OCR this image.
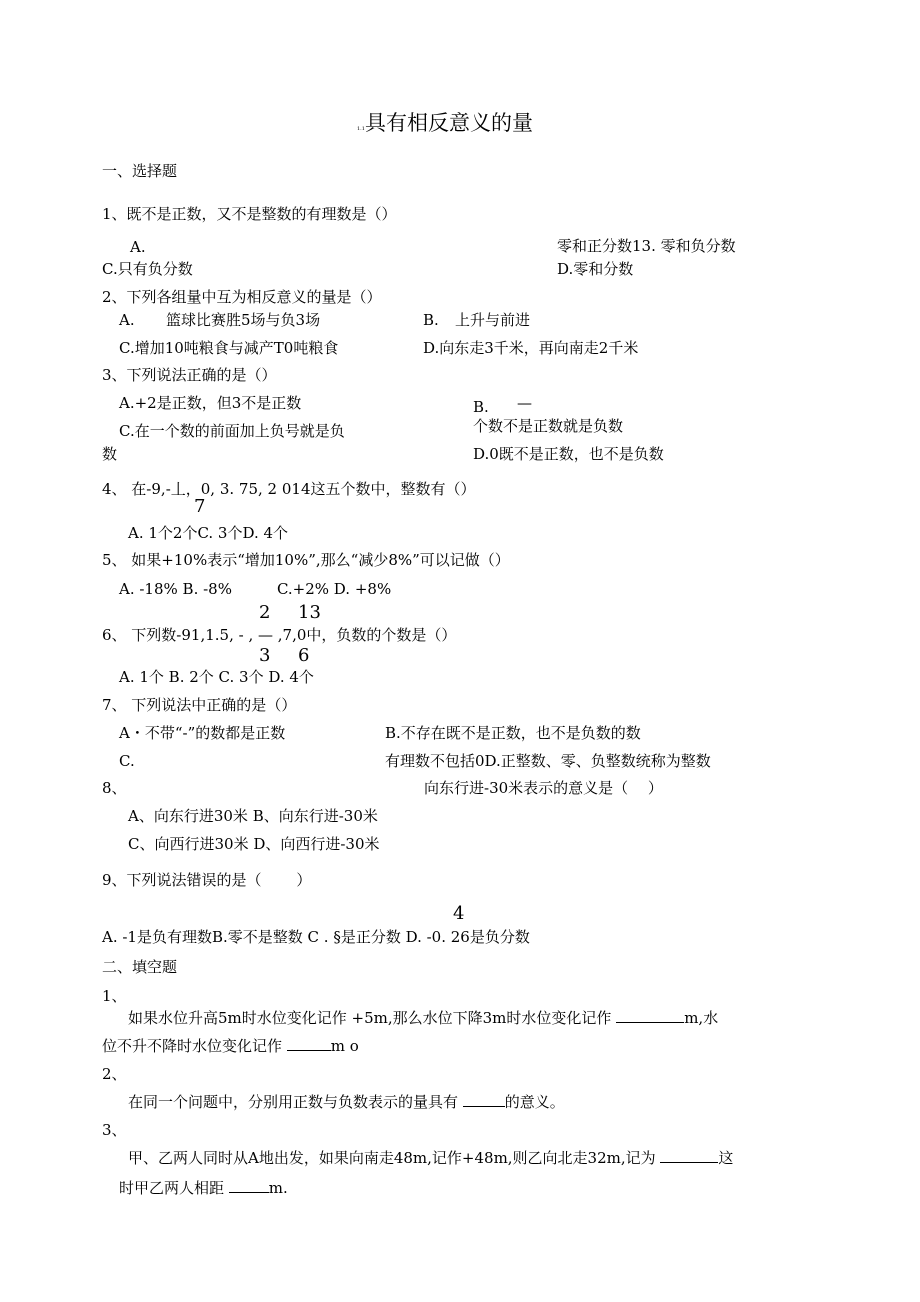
1.1具有相反意义的量
一、选择题
1、既不是正数，又不是整数的有理数是（）
A.	零和正分数13. 零和负分数
C.只有负分数	D.零和分数
2、下列各组量中互为相反意义的量是（）
A. 篮球比赛胜5场与负3场	B. 上升与前进
C.增加10吨粮食与减产T0吨粮食	D.向东走3千米，再向南走2千米
3、下列说法正确的是（）
A.+2是正数，但3不是正数	B. —
个数不是正数就是负数
C.在一个数的前面加上负号就是负
数	D.0既不是正数，也不是负数
4、 在-9,-丄，0, 3. 75, 2 014这五个数中，整数有（）
7
A. 1个2个C. 3个D. 4个
5、 如果+10%表示“增加10%”,那么“减少8%”可以记做（）
A. -18% B. -8%　　　C.+2% D. +8%
2 13
6、 下列数-91,1.5, - , — ,7,0中，负数的个数是（）
3 6
A. 1个 B. 2个 C. 3个 D. 4个
7、 下列说法中正确的是（）
A・不带“-”的数都是正数	B.不存在既不是正数，也不是负数的数
C.	有理数不包括0D.正整数、零、负整数统称为整数
8、	向东行进-30米表示的意义是（　 ）
A、向东行进30米 B、向东行进-30米
C、向西行进30米 D、向西行进-30米
9、下列说法错误的是（　　 ）
4
A. -1是负有理数B.零不是整数 C . §是正分数 D. -0. 26是负分数
二、填空题
1、
如果水位升高5m时水位变化记作 +5m,那么水位下降3m时水位变化记作	m,水
位不升不降时水位变化记作	m o
2、
在同一个问题中，分别用正数与负数表示的量具有	的意义。
3、
甲、乙两人同时从A地出发，如果向南走48m,记作+48m,则乙向北走32m,记为	这
时甲乙两人相距	m.
